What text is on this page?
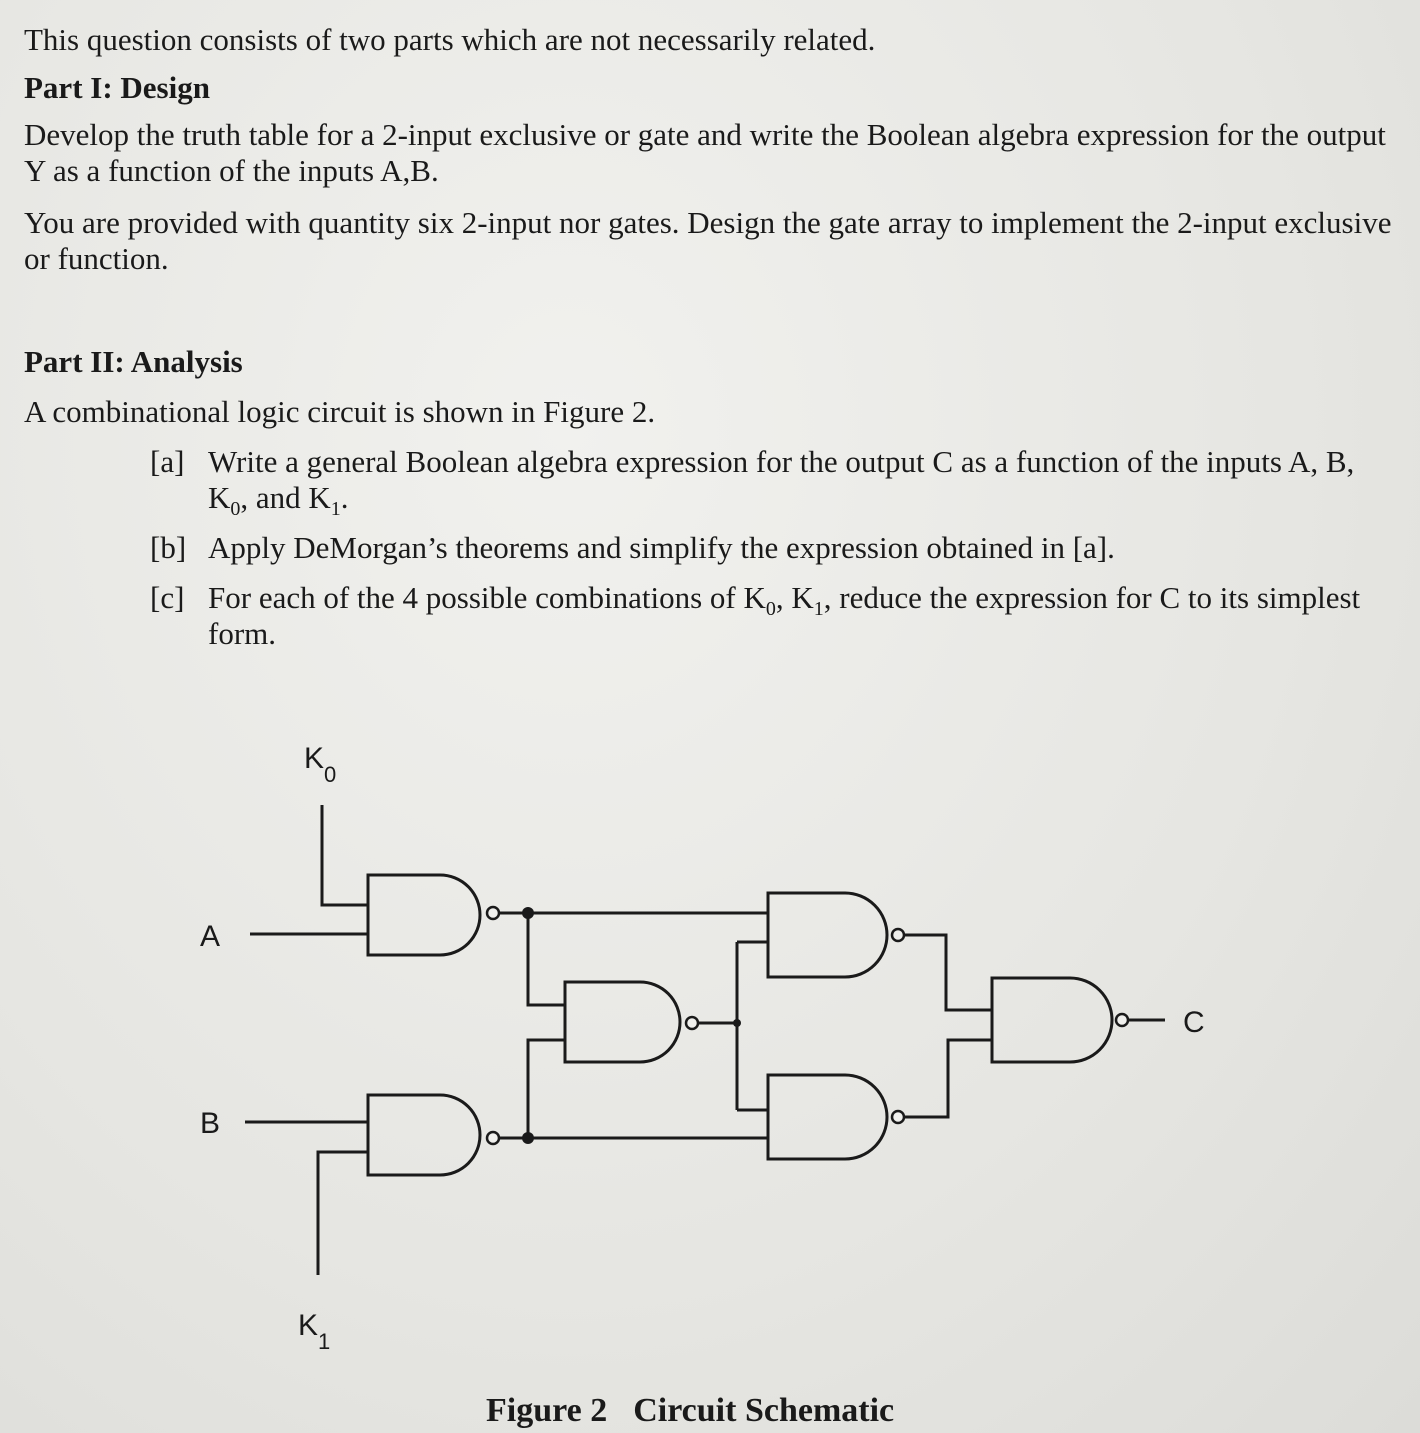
This question consists of two parts which are not necessarily related.
Part I: Design
Develop the truth table for a 2-input exclusive or gate and write the Boolean algebra expression for the output Y as a function of the inputs A,B.
You are provided with quantity six 2-input nor gates. Design the gate array to implement the 2-input exclusive or function.
Part II: Analysis
A combinational logic circuit is shown in Figure 2.
[a] Write a general Boolean algebra expression for the output C as a function of the inputs A, B, $K_0$, and $K_1$.
[b] Apply DeMorgan’s theorems and simplify the expression obtained in [a].
[c] For each of the 4 possible combinations of $K_0$, $K_1$, reduce the expression for C to its simplest form.
$K_0$
A
B
$K_1$
C
Figure 2 Circuit Schematic
